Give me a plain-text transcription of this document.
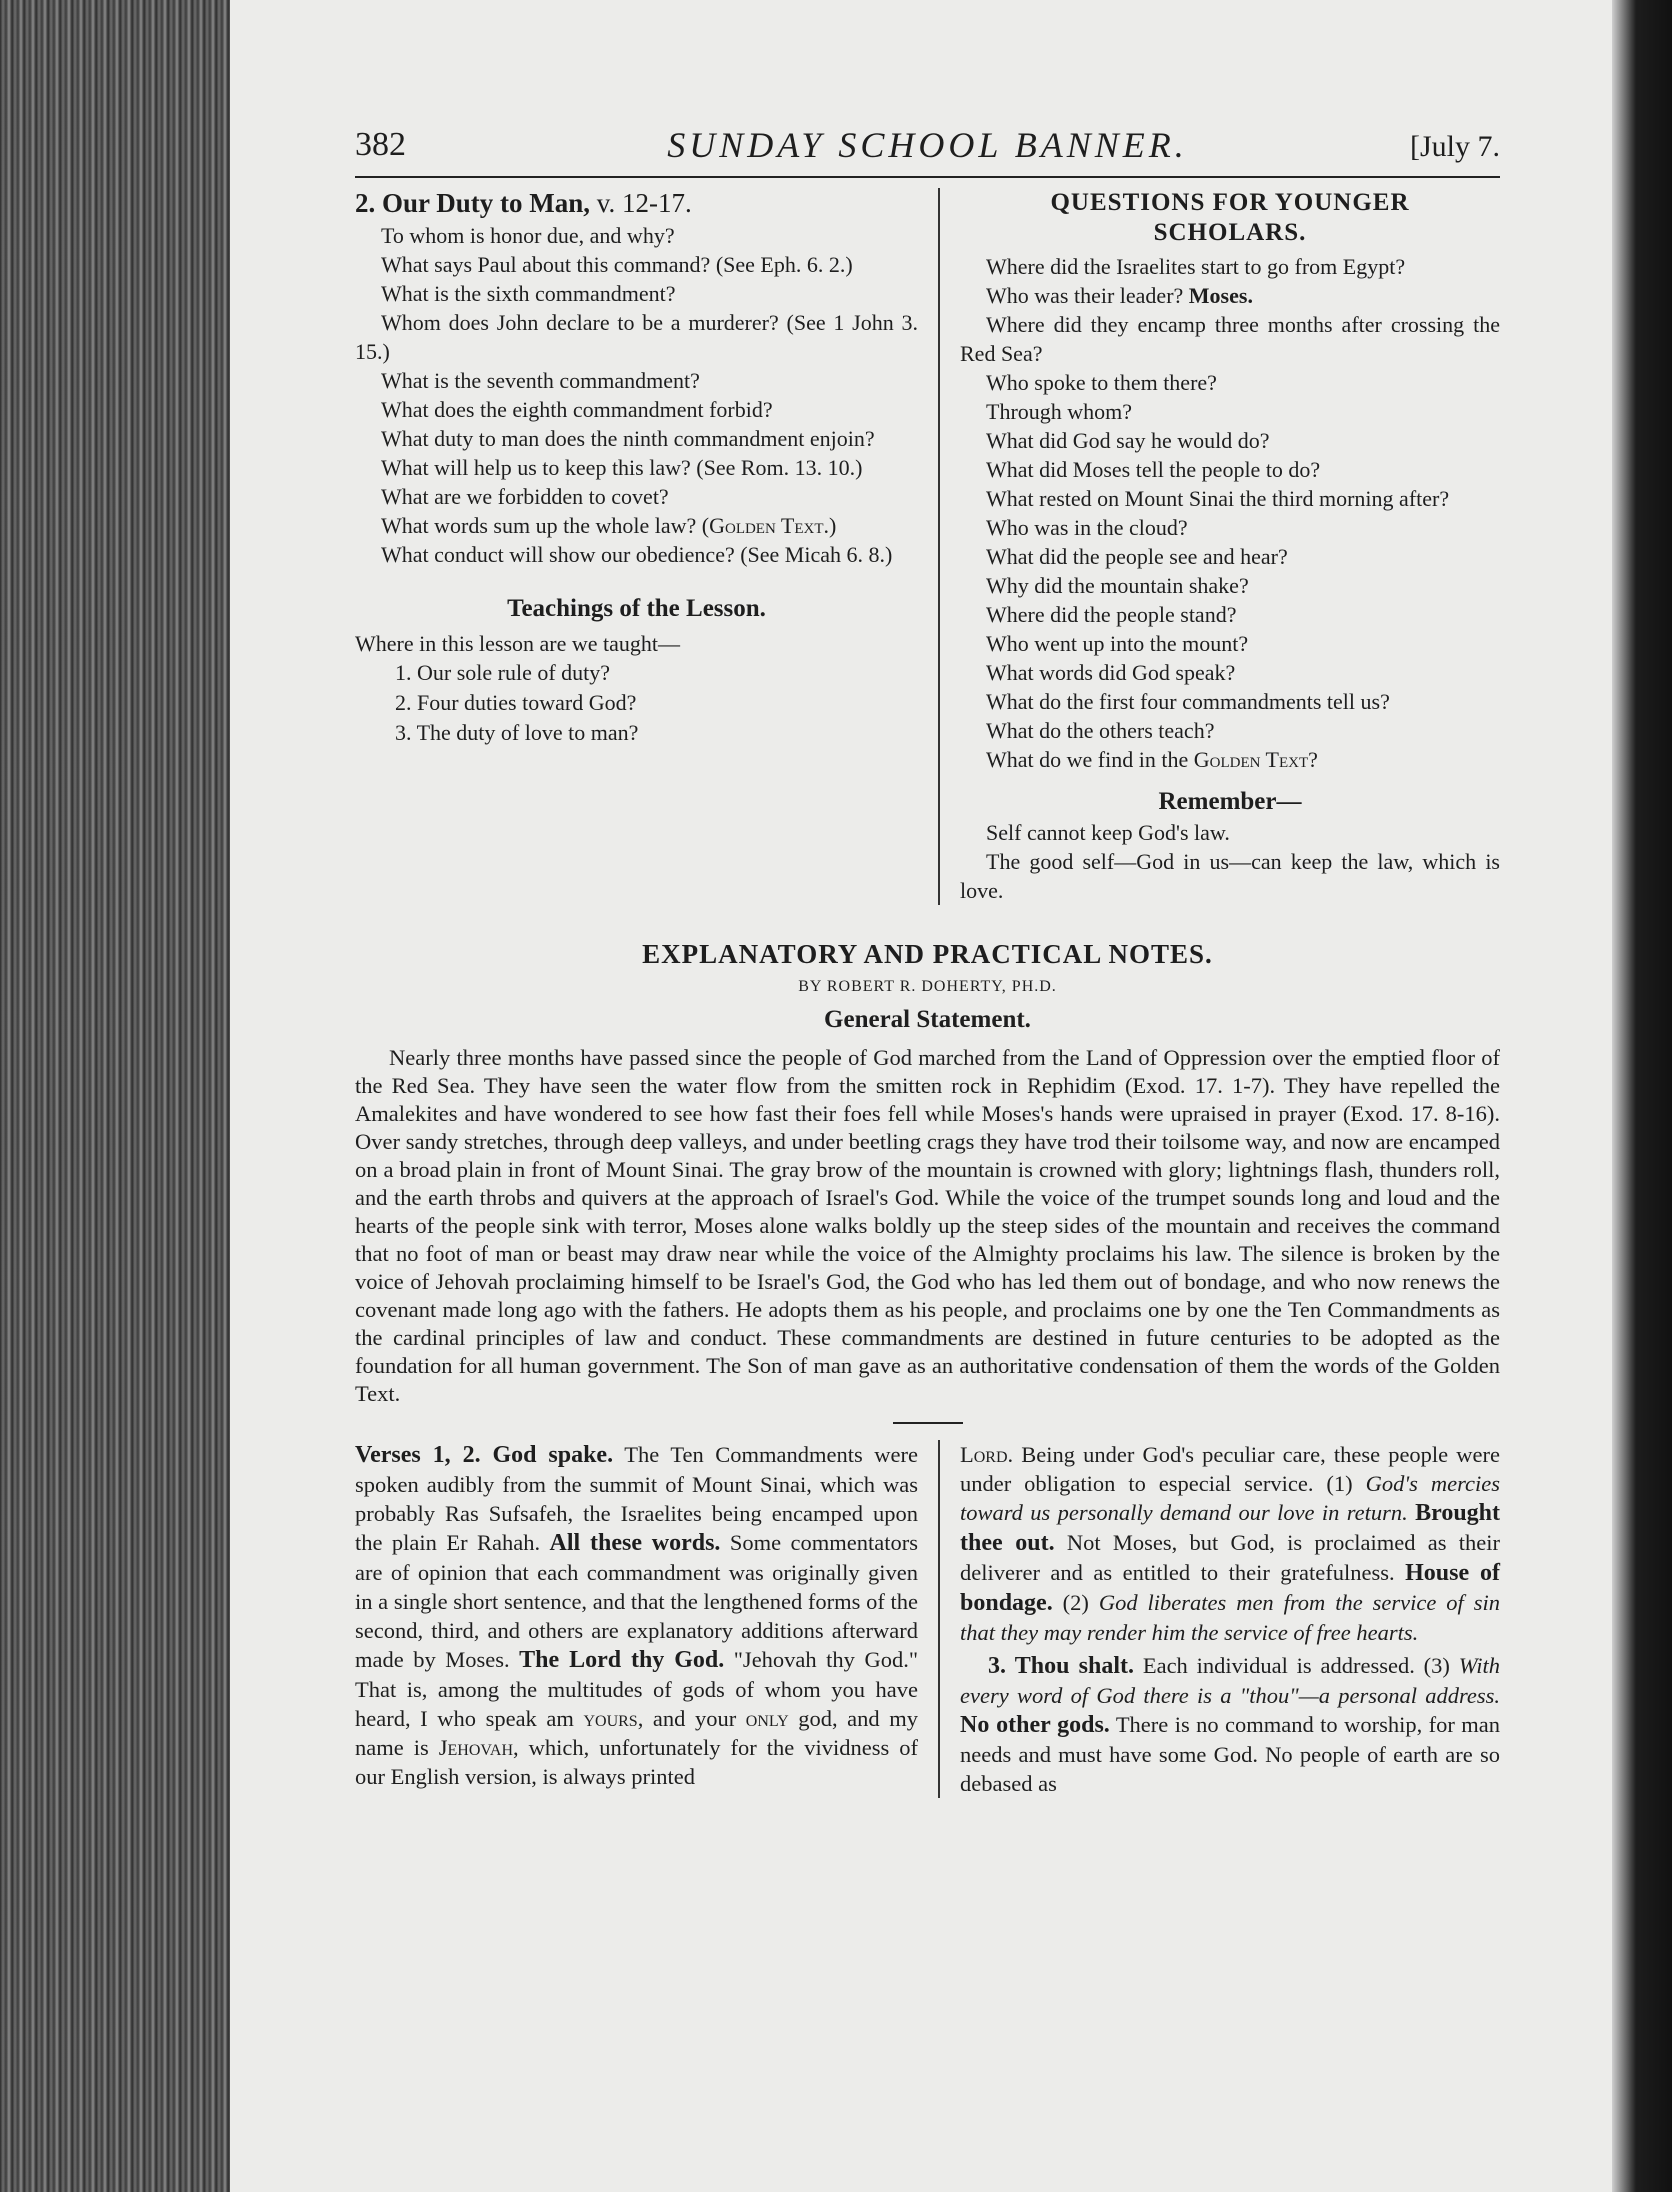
382	SUNDAY SCHOOL BANNER.	[July 7.

2. Our Duty to Man, v. 12-17.

To whom is honor due, and why?

What says Paul about this command? (See Eph. 6. 2.)

What is the sixth commandment?

Whom does John declare to be a murderer? (See 1 John 3. 15.)

What is the seventh commandment?

What does the eighth commandment forbid?

What duty to man does the ninth commandment enjoin?

What will help us to keep this law? (See Rom. 13. 10.)

What are we forbidden to covet?

What words sum up the whole law? (Golden Text.)

What conduct will show our obedience? (See Micah 6. 8.)

Teachings of the Lesson.

Where in this lesson are we taught—

1. Our sole rule of duty?
2. Four duties toward God?
3. The duty of love to man?

QUESTIONS FOR YOUNGER
SCHOLARS.

Where did the Israelites start to go from Egypt?

Who was their leader? Moses.

Where did they encamp three months after crossing the Red Sea?

Who spoke to them there?

Through whom?

What did God say he would do?

What did Moses tell the people to do?

What rested on Mount Sinai the third morning after?

Who was in the cloud?

What did the people see and hear?

Why did the mountain shake?

Where did the people stand?

Who went up into the mount?

What words did God speak?

What do the first four commandments tell us?

What do the others teach?

What do we find in the Golden Text?

Remember—

Self cannot keep God's law.

The good self—God in us—can keep the law, which is love.

EXPLANATORY AND PRACTICAL NOTES.

BY ROBERT R. DOHERTY, PH.D.

General Statement.

Nearly three months have passed since the people of God marched from the Land of Oppression over the emptied floor of the Red Sea. They have seen the water flow from the smitten rock in Rephidim (Exod. 17. 1-7). They have repelled the Amalekites and have wondered to see how fast their foes fell while Moses's hands were upraised in prayer (Exod. 17. 8-16). Over sandy stretches, through deep valleys, and under beetling crags they have trod their toilsome way, and now are encamped on a broad plain in front of Mount Sinai. The gray brow of the mountain is crowned with glory; lightnings flash, thunders roll, and the earth throbs and quivers at the approach of Israel's God. While the voice of the trumpet sounds long and loud and the hearts of the people sink with terror, Moses alone walks boldly up the steep sides of the mountain and receives the command that no foot of man or beast may draw near while the voice of the Almighty proclaims his law. The silence is broken by the voice of Jehovah proclaiming himself to be Israel's God, the God who has led them out of bondage, and who now renews the covenant made long ago with the fathers. He adopts them as his people, and proclaims one by one the Ten Commandments as the cardinal principles of law and conduct. These commandments are destined in future centuries to be adopted as the foundation for all human government. The Son of man gave as an authoritative condensation of them the words of the Golden Text.

Verses 1, 2. God spake. The Ten Commandments were spoken audibly from the summit of Mount Sinai, which was probably Ras Sufsafeh, the Israelites being encamped upon the plain Er Rahah. All these words. Some commentators are of opinion that each commandment was originally given in a single short sentence, and that the lengthened forms of the second, third, and others are explanatory additions afterward made by Moses. The Lord thy God. "Jehovah thy God." That is, among the multitudes of gods of whom you have heard, I who speak am yours, and your only god, and my name is Jehovah, which, unfortunately for the vividness of our English version, is always printed

Lord. Being under God's peculiar care, these people were under obligation to especial service. (1) God's mercies toward us personally demand our love in return. Brought thee out. Not Moses, but God, is proclaimed as their deliverer and as entitled to their gratefulness. House of bondage. (2) God liberates men from the service of sin that they may render him the service of free hearts.

3. Thou shalt. Each individual is addressed. (3) With every word of God there is a "thou"—a personal address. No other gods. There is no command to worship, for man needs and must have some God. No people of earth are so debased as
